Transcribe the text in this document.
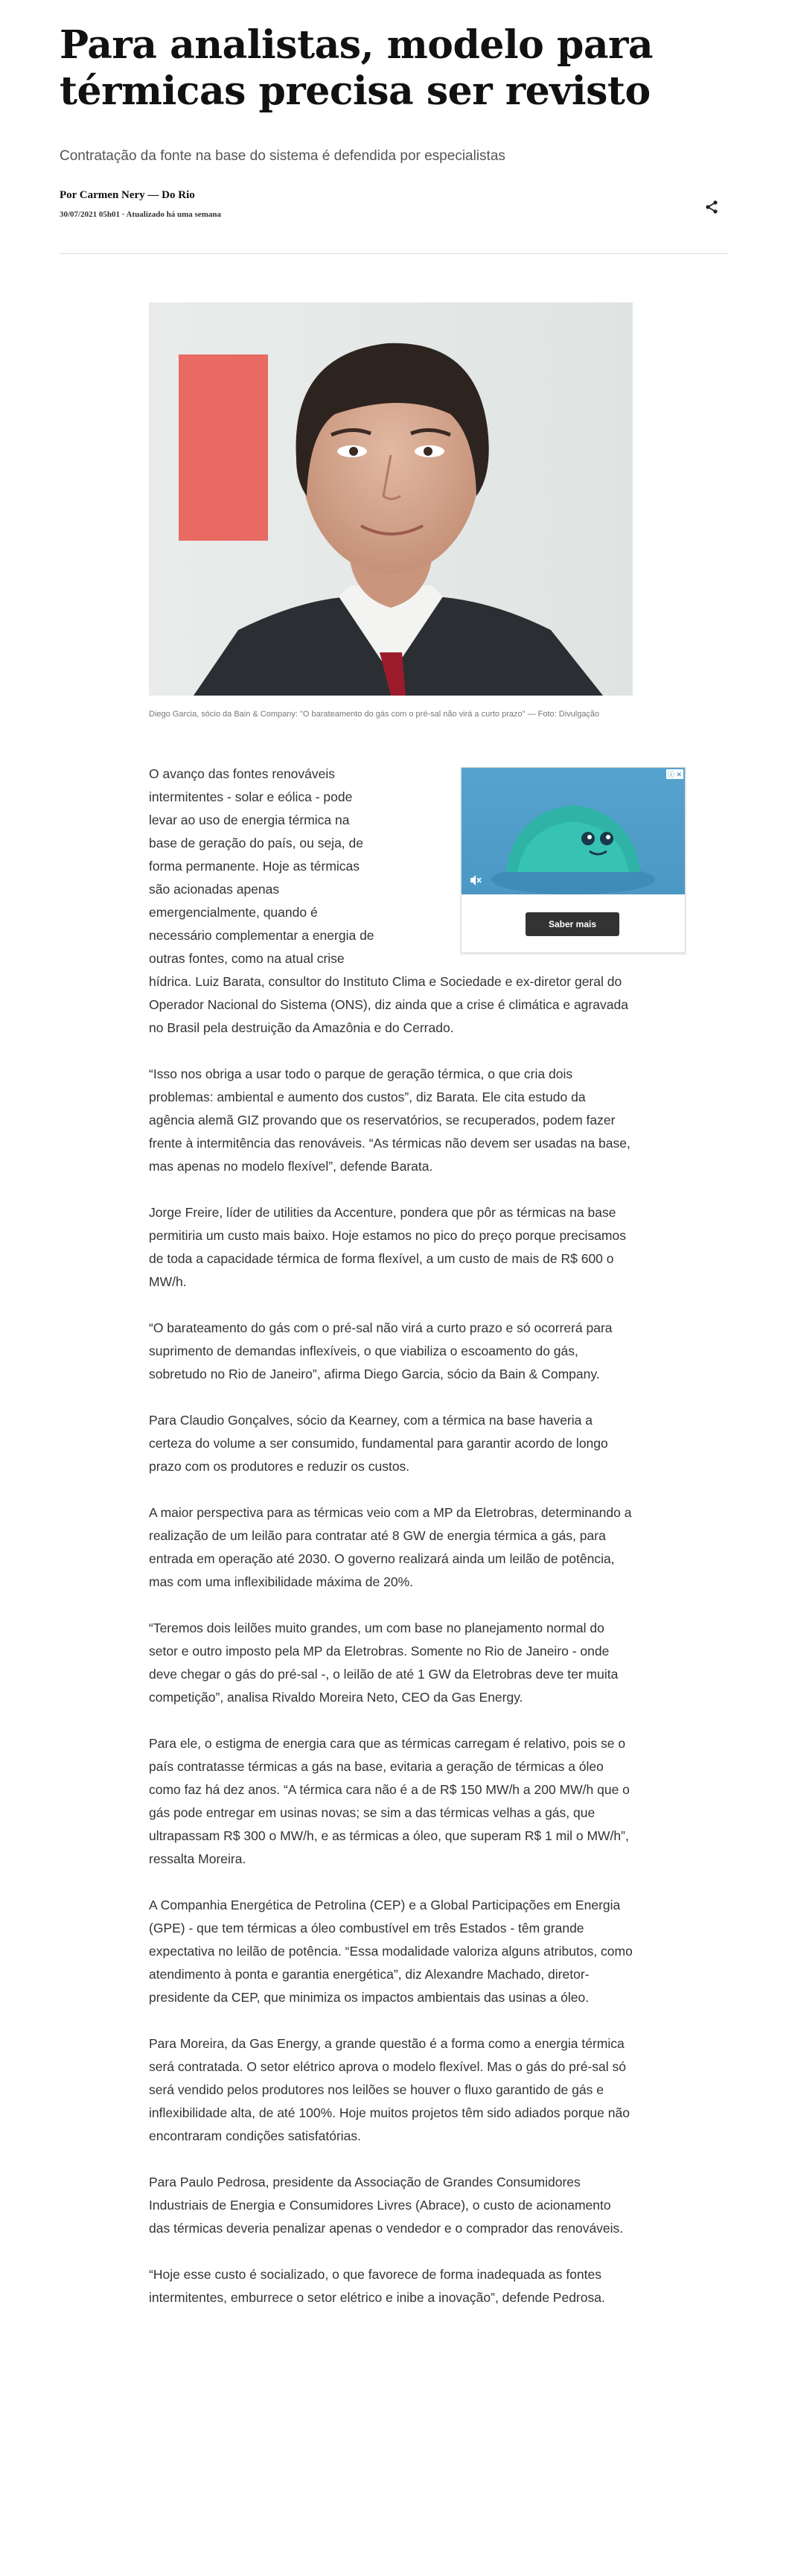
Para analistas, modelo para térmicas precisa ser revisto
Contratação da fonte na base do sistema é defendida por especialistas
Por Carmen Nery — Do Rio
30/07/2021 05h01 · Atualizado há uma semana
Diego Garcia, sócio da Bain & Company: "O barateamento do gás com o pré-sal não virá a curto prazo" — Foto: Divulgação
ⓘ ✕
Saber mais

O avanço das fontes renováveis intermitentes - solar e eólica - pode levar ao uso de energia térmica na base de geração do país, ou seja, de forma permanente. Hoje as térmicas são acionadas apenas emergencialmente, quando é necessário complementar a energia de outras fontes, como na atual crise hídrica. Luiz Barata, consultor do Instituto Clima e Sociedade e ex-diretor geral do Operador Nacional do Sistema (ONS), diz ainda que a crise é climática e agravada no Brasil pela destruição da Amazônia e do Cerrado.

“Isso nos obriga a usar todo o parque de geração térmica, o que cria dois problemas: ambiental e aumento dos custos”, diz Barata. Ele cita estudo da agência alemã GIZ provando que os reservatórios, se recuperados, podem fazer frente à intermitência das renováveis. “As térmicas não devem ser usadas na base, mas apenas no modelo flexível”, defende Barata.

Jorge Freire, líder de utilities da Accenture, pondera que pôr as térmicas na base permitiria um custo mais baixo. Hoje estamos no pico do preço porque precisamos de toda a capacidade térmica de forma flexível, a um custo de mais de R$ 600 o MW/h.

“O barateamento do gás com o pré-sal não virá a curto prazo e só ocorrerá para suprimento de demandas inflexíveis, o que viabiliza o escoamento do gás, sobretudo no Rio de Janeiro”, afirma Diego Garcia, sócio da Bain & Company.

Para Claudio Gonçalves, sócio da Kearney, com a térmica na base haveria a certeza do volume a ser consumido, fundamental para garantir acordo de longo prazo com os produtores e reduzir os custos.

A maior perspectiva para as térmicas veio com a MP da Eletrobras, determinando a realização de um leilão para contratar até 8 GW de energia térmica a gás, para entrada em operação até 2030. O governo realizará ainda um leilão de potência, mas com uma inflexibilidade máxima de 20%.

“Teremos dois leilões muito grandes, um com base no planejamento normal do setor e outro imposto pela MP da Eletrobras. Somente no Rio de Janeiro - onde deve chegar o gás do pré-sal -, o leilão de até 1 GW da Eletrobras deve ter muita competição”, analisa Rivaldo Moreira Neto, CEO da Gas Energy.

Para ele, o estigma de energia cara que as térmicas carregam é relativo, pois se o país contratasse térmicas a gás na base, evitaria a geração de térmicas a óleo como faz há dez anos. “A térmica cara não é a de R$ 150 MW/h a 200 MW/h que o gás pode entregar em usinas novas; se sim a das térmicas velhas a gás, que ultrapassam R$ 300 o MW/h, e as térmicas a óleo, que superam R$ 1 mil o MW/h”, ressalta Moreira.

A Companhia Energética de Petrolina (CEP) e a Global Participações em Energia (GPE) - que tem térmicas a óleo combustível em três Estados - têm grande expectativa no leilão de potência. “Essa modalidade valoriza alguns atributos, como atendimento à ponta e garantia energética”, diz Alexandre Machado, diretor-presidente da CEP, que minimiza os impactos ambientais das usinas a óleo.

Para Moreira, da Gas Energy, a grande questão é a forma como a energia térmica será contratada. O setor elétrico aprova o modelo flexível. Mas o gás do pré-sal só será vendido pelos produtores nos leilões se houver o fluxo garantido de gás e inflexibilidade alta, de até 100%. Hoje muitos projetos têm sido adiados porque não encontraram condições satisfatórias.

Para Paulo Pedrosa, presidente da Associação de Grandes Consumidores Industriais de Energia e Consumidores Livres (Abrace), o custo de acionamento das térmicas deveria penalizar apenas o vendedor e o comprador das renováveis.

“Hoje esse custo é socializado, o que favorece de forma inadequada as fontes intermitentes, emburrece o setor elétrico e inibe a inovação”, defende Pedrosa.
